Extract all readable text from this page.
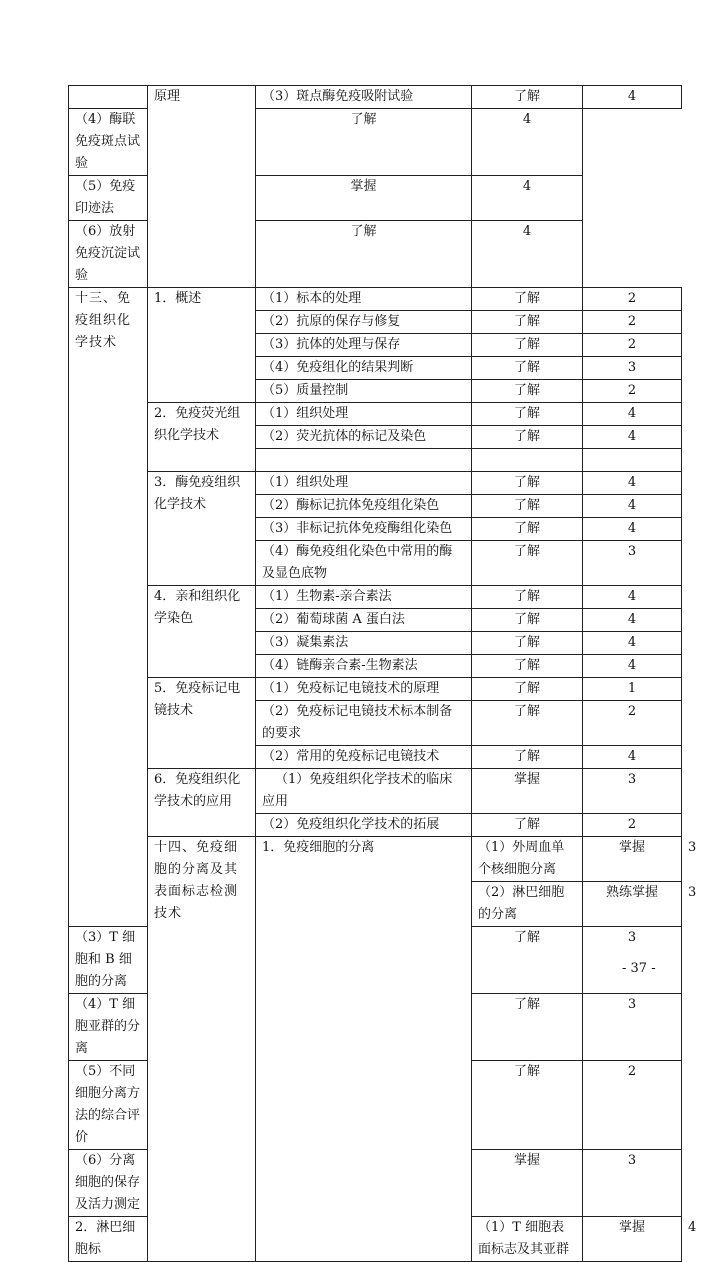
	原理	（3）斑点酶免疫吸附试验	了解	4	
（4）酶联免疫斑点试验		了解	4		
（5）免疫印迹法		掌握	4		
（6）放射免疫沉淀试验		了解	4		
十三、免疫组织化学技术	1．概述	（1）标本的处理	了解	2	
		（2）抗原的保存与修复	了解	2	
		（3）抗体的处理与保存	了解	2	
		（4）免疫组化的结果判断	了解	3	
		（5）质量控制	了解	2	
	2．免疫荧光组织化学技术	（1）组织处理	了解	4	
		（2）荧光抗体的标记及染色	了解	4	

	3．酶免疫组织化学技术	（1）组织处理	了解	4	
		（2）酶标记抗体免疫组化染色	了解	4	
		（3）非标记抗体免疫酶组化染色	了解	4	
		（4）酶免疫组化染色中常用的酶及显色底物	了解	3	
	4．亲和组织化学染色	（1）生物素-亲合素法	了解	4	
		（2）葡萄球菌 A 蛋白法	了解	4	
		（3）凝集素法	了解	4	
		（4）链酶亲合素-生物素法	了解	4	
	5．免疫标记电镜技术	（1）免疫标记电镜技术的原理	了解	1	
		（2）免疫标记电镜技术标本制备的要求	了解	2	
		（2）常用的免疫标记电镜技术	了解	4	
	6．免疫组织化学技术的应用	（1）免疫组织化学技术的临床应用	掌握	3	
		（2）免疫组织化学技术的拓展	了解	2	
	十四、免疫细胞的分离及其表面标志检测技术	1．免疫细胞的分离	（1）外周血单个核细胞分离	掌握	3
			（2）淋巴细胞的分离	熟练掌握	3
（3）T 细胞和 B 细胞的分离			了解	3	
（4）T 细胞亚群的分离			了解	3	
（5）不同细胞分离方法的综合评价			了解	2	
（6）分离细胞的保存及活力测定			掌握	3	
2．淋巴细胞标			（1）T 细胞表面标志及其亚群	掌握	4
- 37 -
